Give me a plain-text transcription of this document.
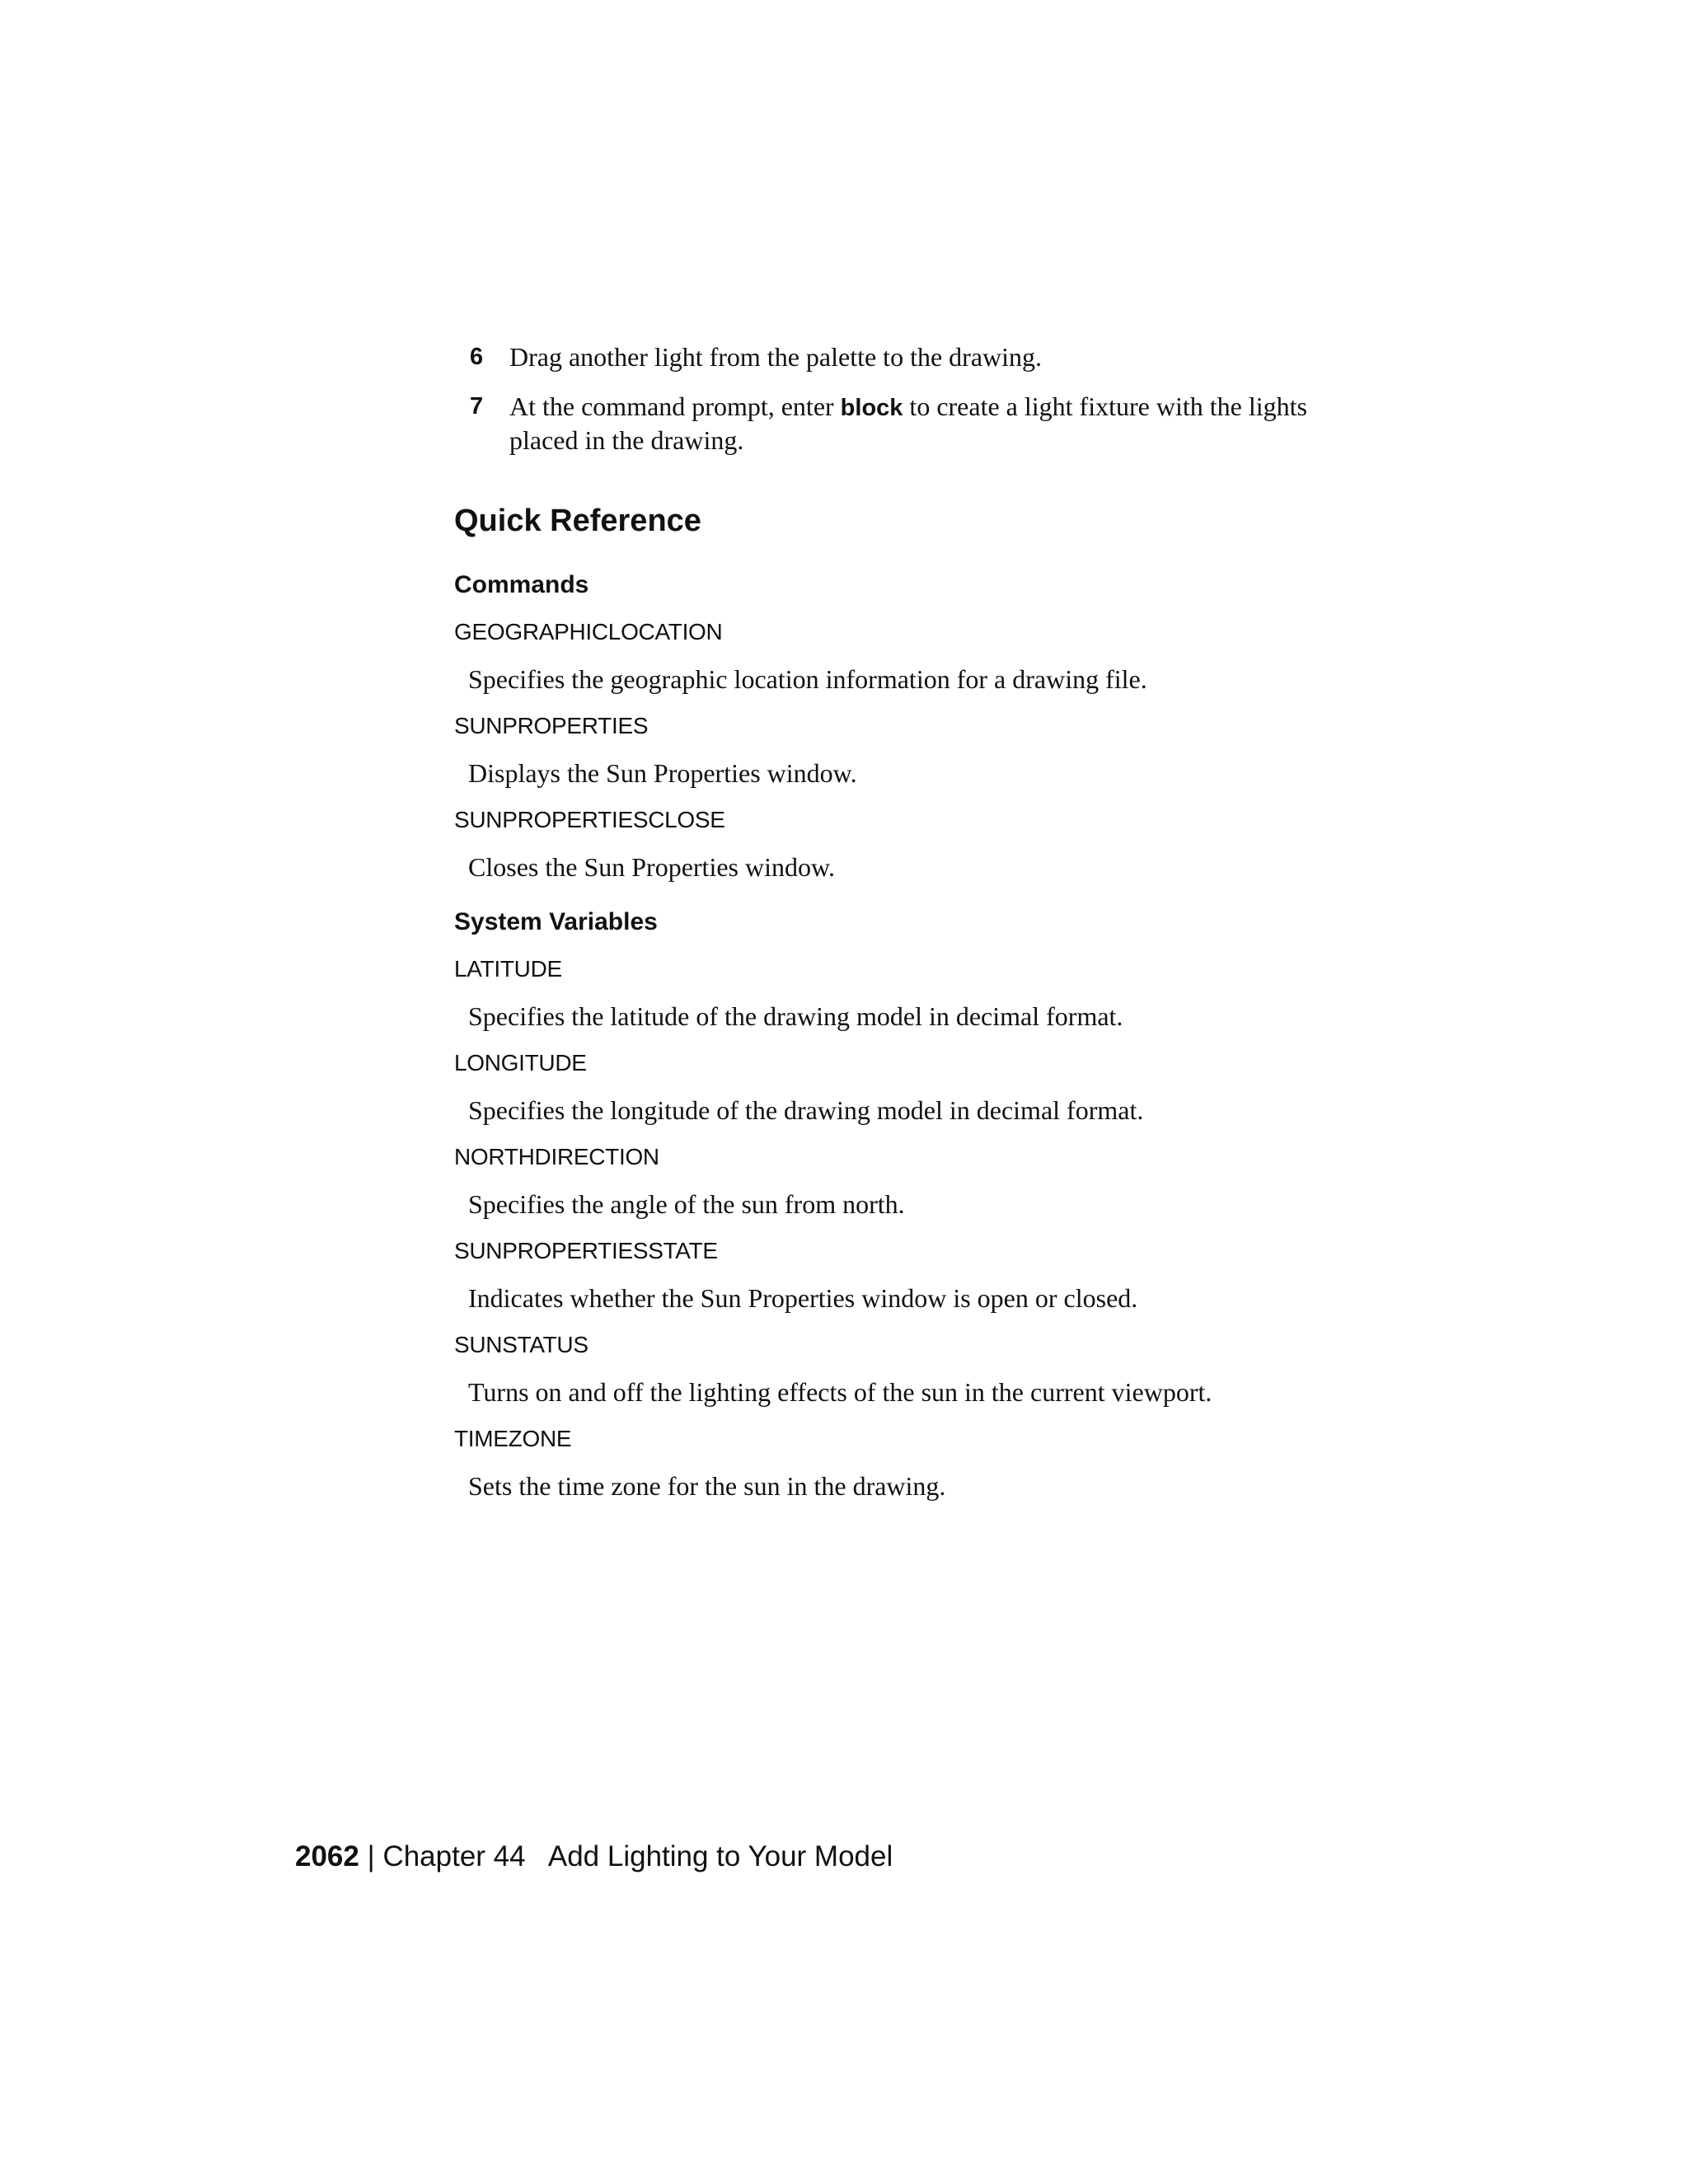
6 Drag another light from the palette to the drawing.
7 At the command prompt, enter block to create a light fixture with the lights placed in the drawing.
Quick Reference
Commands
GEOGRAPHICLOCATION
Specifies the geographic location information for a drawing file.
SUNPROPERTIES
Displays the Sun Properties window.
SUNPROPERTIESCLOSE
Closes the Sun Properties window.
System Variables
LATITUDE
Specifies the latitude of the drawing model in decimal format.
LONGITUDE
Specifies the longitude of the drawing model in decimal format.
NORTHDIRECTION
Specifies the angle of the sun from north.
SUNPROPERTIESSTATE
Indicates whether the Sun Properties window is open or closed.
SUNSTATUS
Turns on and off the lighting effects of the sun in the current viewport.
TIMEZONE
Sets the time zone for the sun in the drawing.
2062 | Chapter 44 Add Lighting to Your Model
